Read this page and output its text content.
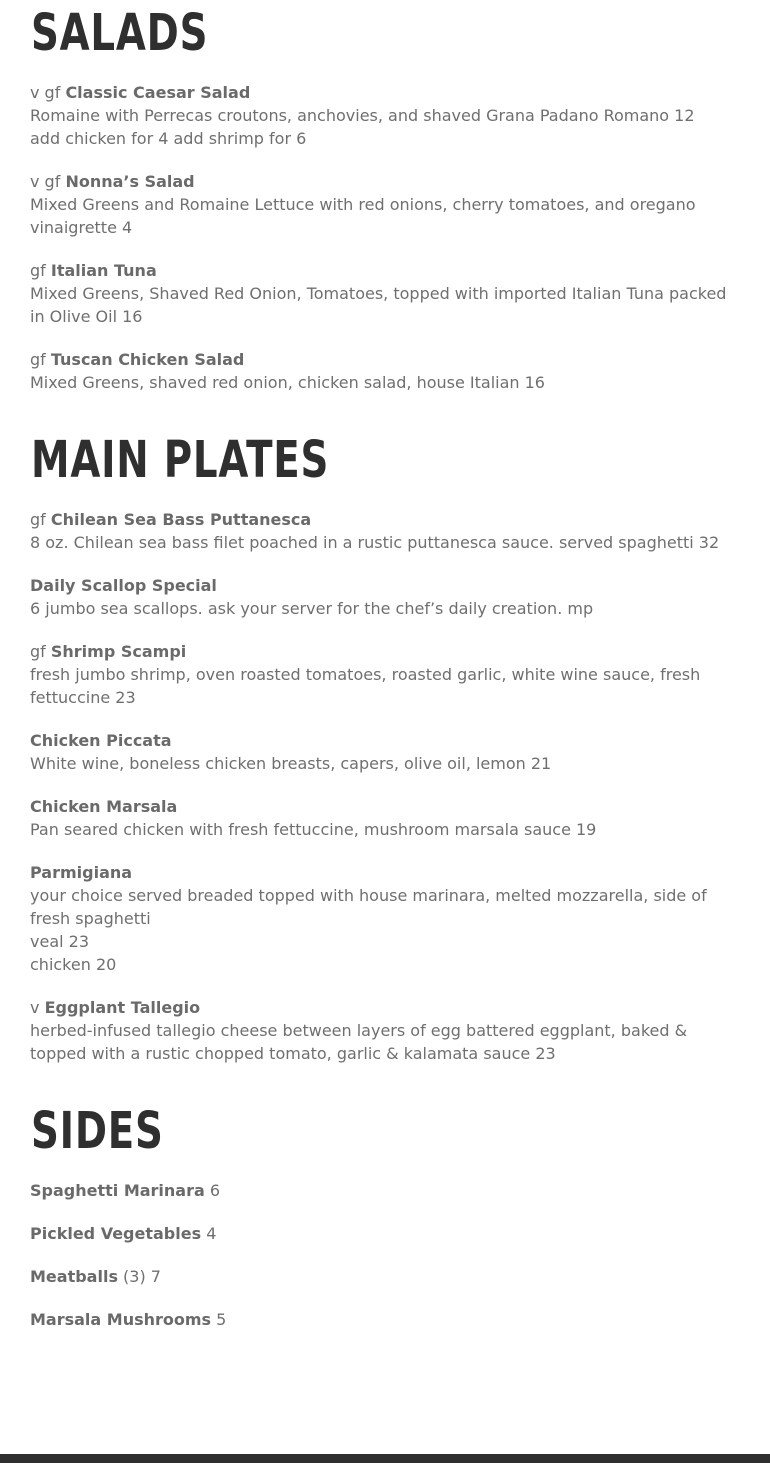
SALADS
v gf Classic Caesar Salad
Romaine with Perrecas croutons, anchovies, and shaved Grana Padano Romano 12
add chicken for 4 add shrimp for 6
v gf Nonna’s Salad
Mixed Greens and Romaine Lettuce with red onions, cherry tomatoes, and oregano vinaigrette 4
gf Italian Tuna
Mixed Greens, Shaved Red Onion, Tomatoes, topped with imported Italian Tuna packed in Olive Oil 16
gf Tuscan Chicken Salad
Mixed Greens, shaved red onion, chicken salad, house Italian 16
MAIN PLATES
gf Chilean Sea Bass Puttanesca
8 oz. Chilean sea bass filet poached in a rustic puttanesca sauce. served spaghetti 32
Daily Scallop Special
6 jumbo sea scallops. ask your server for the chef’s daily creation. mp
gf Shrimp Scampi
fresh jumbo shrimp, oven roasted tomatoes, roasted garlic, white wine sauce, fresh fettuccine 23
Chicken Piccata
White wine, boneless chicken breasts, capers, olive oil, lemon 21
Chicken Marsala
Pan seared chicken with fresh fettuccine, mushroom marsala sauce 19
Parmigiana
your choice served breaded topped with house marinara, melted mozzarella, side of fresh spaghetti
veal 23
chicken 20
v Eggplant Tallegio
herbed-infused tallegio cheese between layers of egg battered eggplant, baked & topped with a rustic chopped tomato, garlic & kalamata sauce 23
SIDES
Spaghetti Marinara 6
Pickled Vegetables 4
Meatballs (3) 7
Marsala Mushrooms 5
